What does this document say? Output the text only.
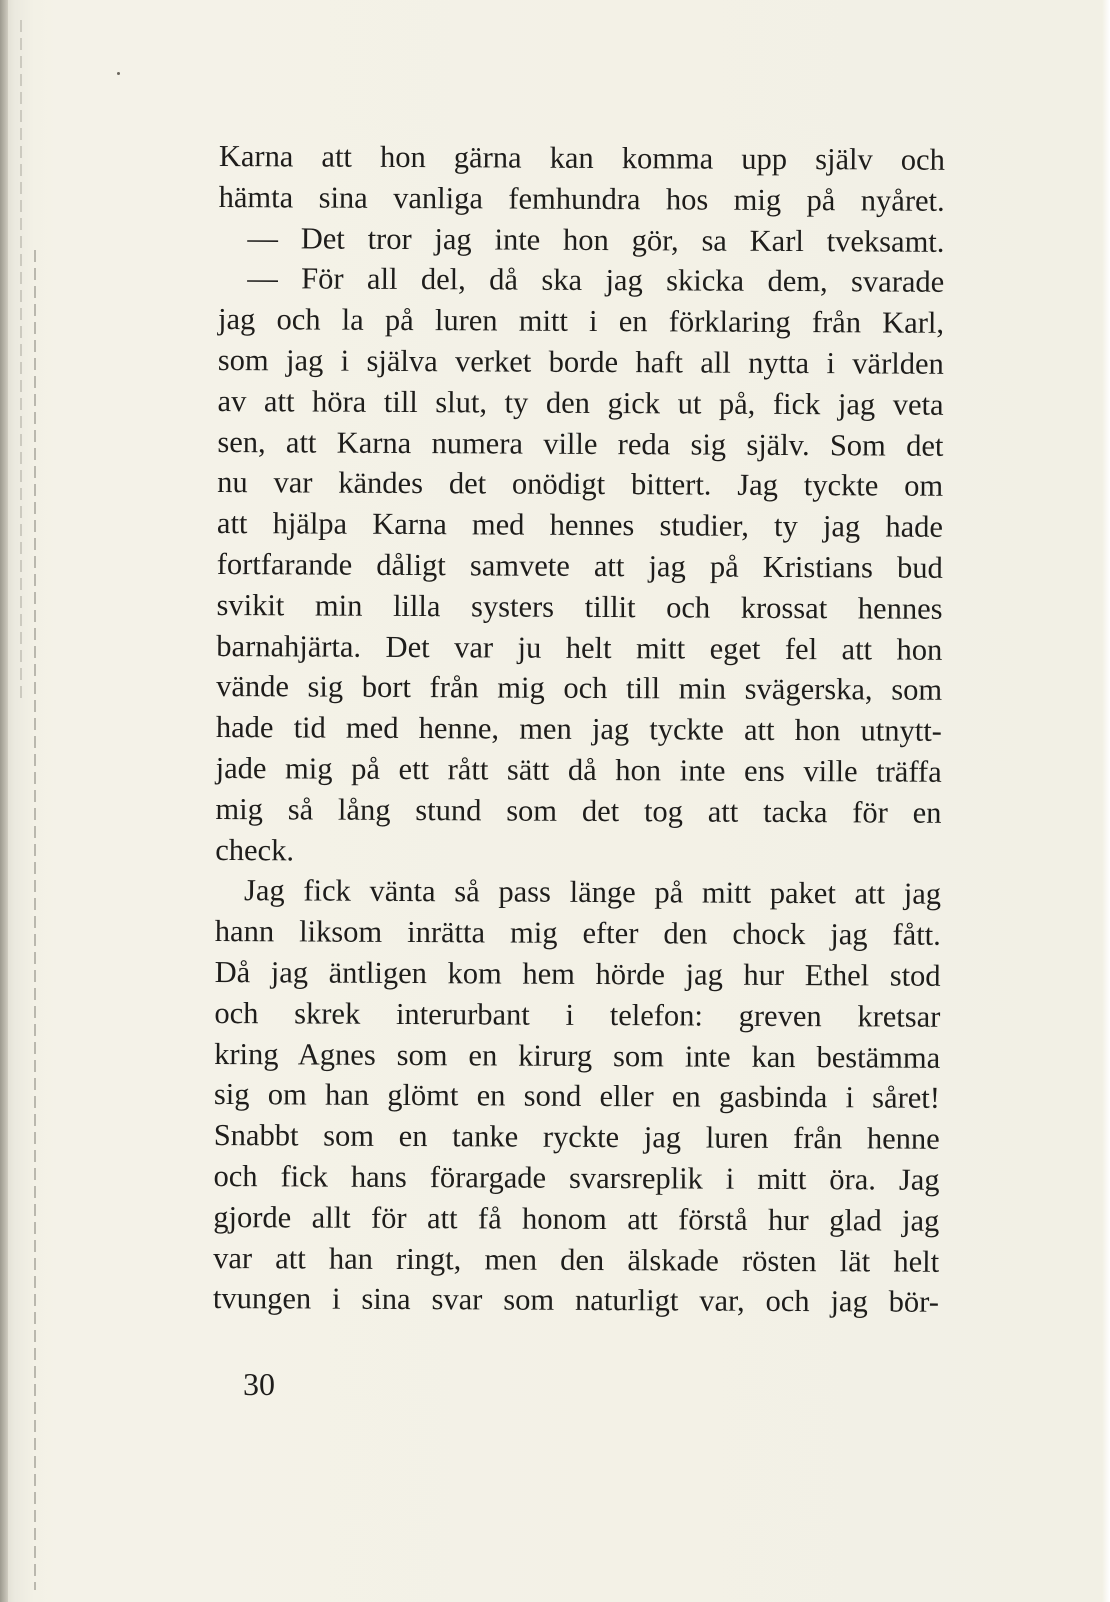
Karna att hon gärna kan komma upp själv och
hämta sina vanliga femhundra hos mig på nyåret.
— Det tror jag inte hon gör, sa Karl tveksamt.
— För all del, då ska jag skicka dem, svarade
jag och la på luren mitt i en förklaring från Karl,
som jag i själva verket borde haft all nytta i världen
av att höra till slut, ty den gick ut på, fick jag veta
sen, att Karna numera ville reda sig själv. Som det
nu var kändes det onödigt bittert. Jag tyckte om
att hjälpa Karna med hennes studier, ty jag hade
fortfarande dåligt samvete att jag på Kristians bud
svikit min lilla systers tillit och krossat hennes
barnahjärta. Det var ju helt mitt eget fel att hon
vände sig bort från mig och till min svägerska, som
hade tid med henne, men jag tyckte att hon utnytt-
jade mig på ett rått sätt då hon inte ens ville träffa
mig så lång stund som det tog att tacka för en
check.
Jag fick vänta så pass länge på mitt paket att jag
hann liksom inrätta mig efter den chock jag fått.
Då jag äntligen kom hem hörde jag hur Ethel stod
och skrek interurbant i telefon: greven kretsar
kring Agnes som en kirurg som inte kan bestämma
sig om han glömt en sond eller en gasbinda i såret!
Snabbt som en tanke ryckte jag luren från henne
och fick hans förargade svarsreplik i mitt öra. Jag
gjorde allt för att få honom att förstå hur glad jag
var att han ringt, men den älskade rösten lät helt
tvungen i sina svar som naturligt var, och jag bör-
30
